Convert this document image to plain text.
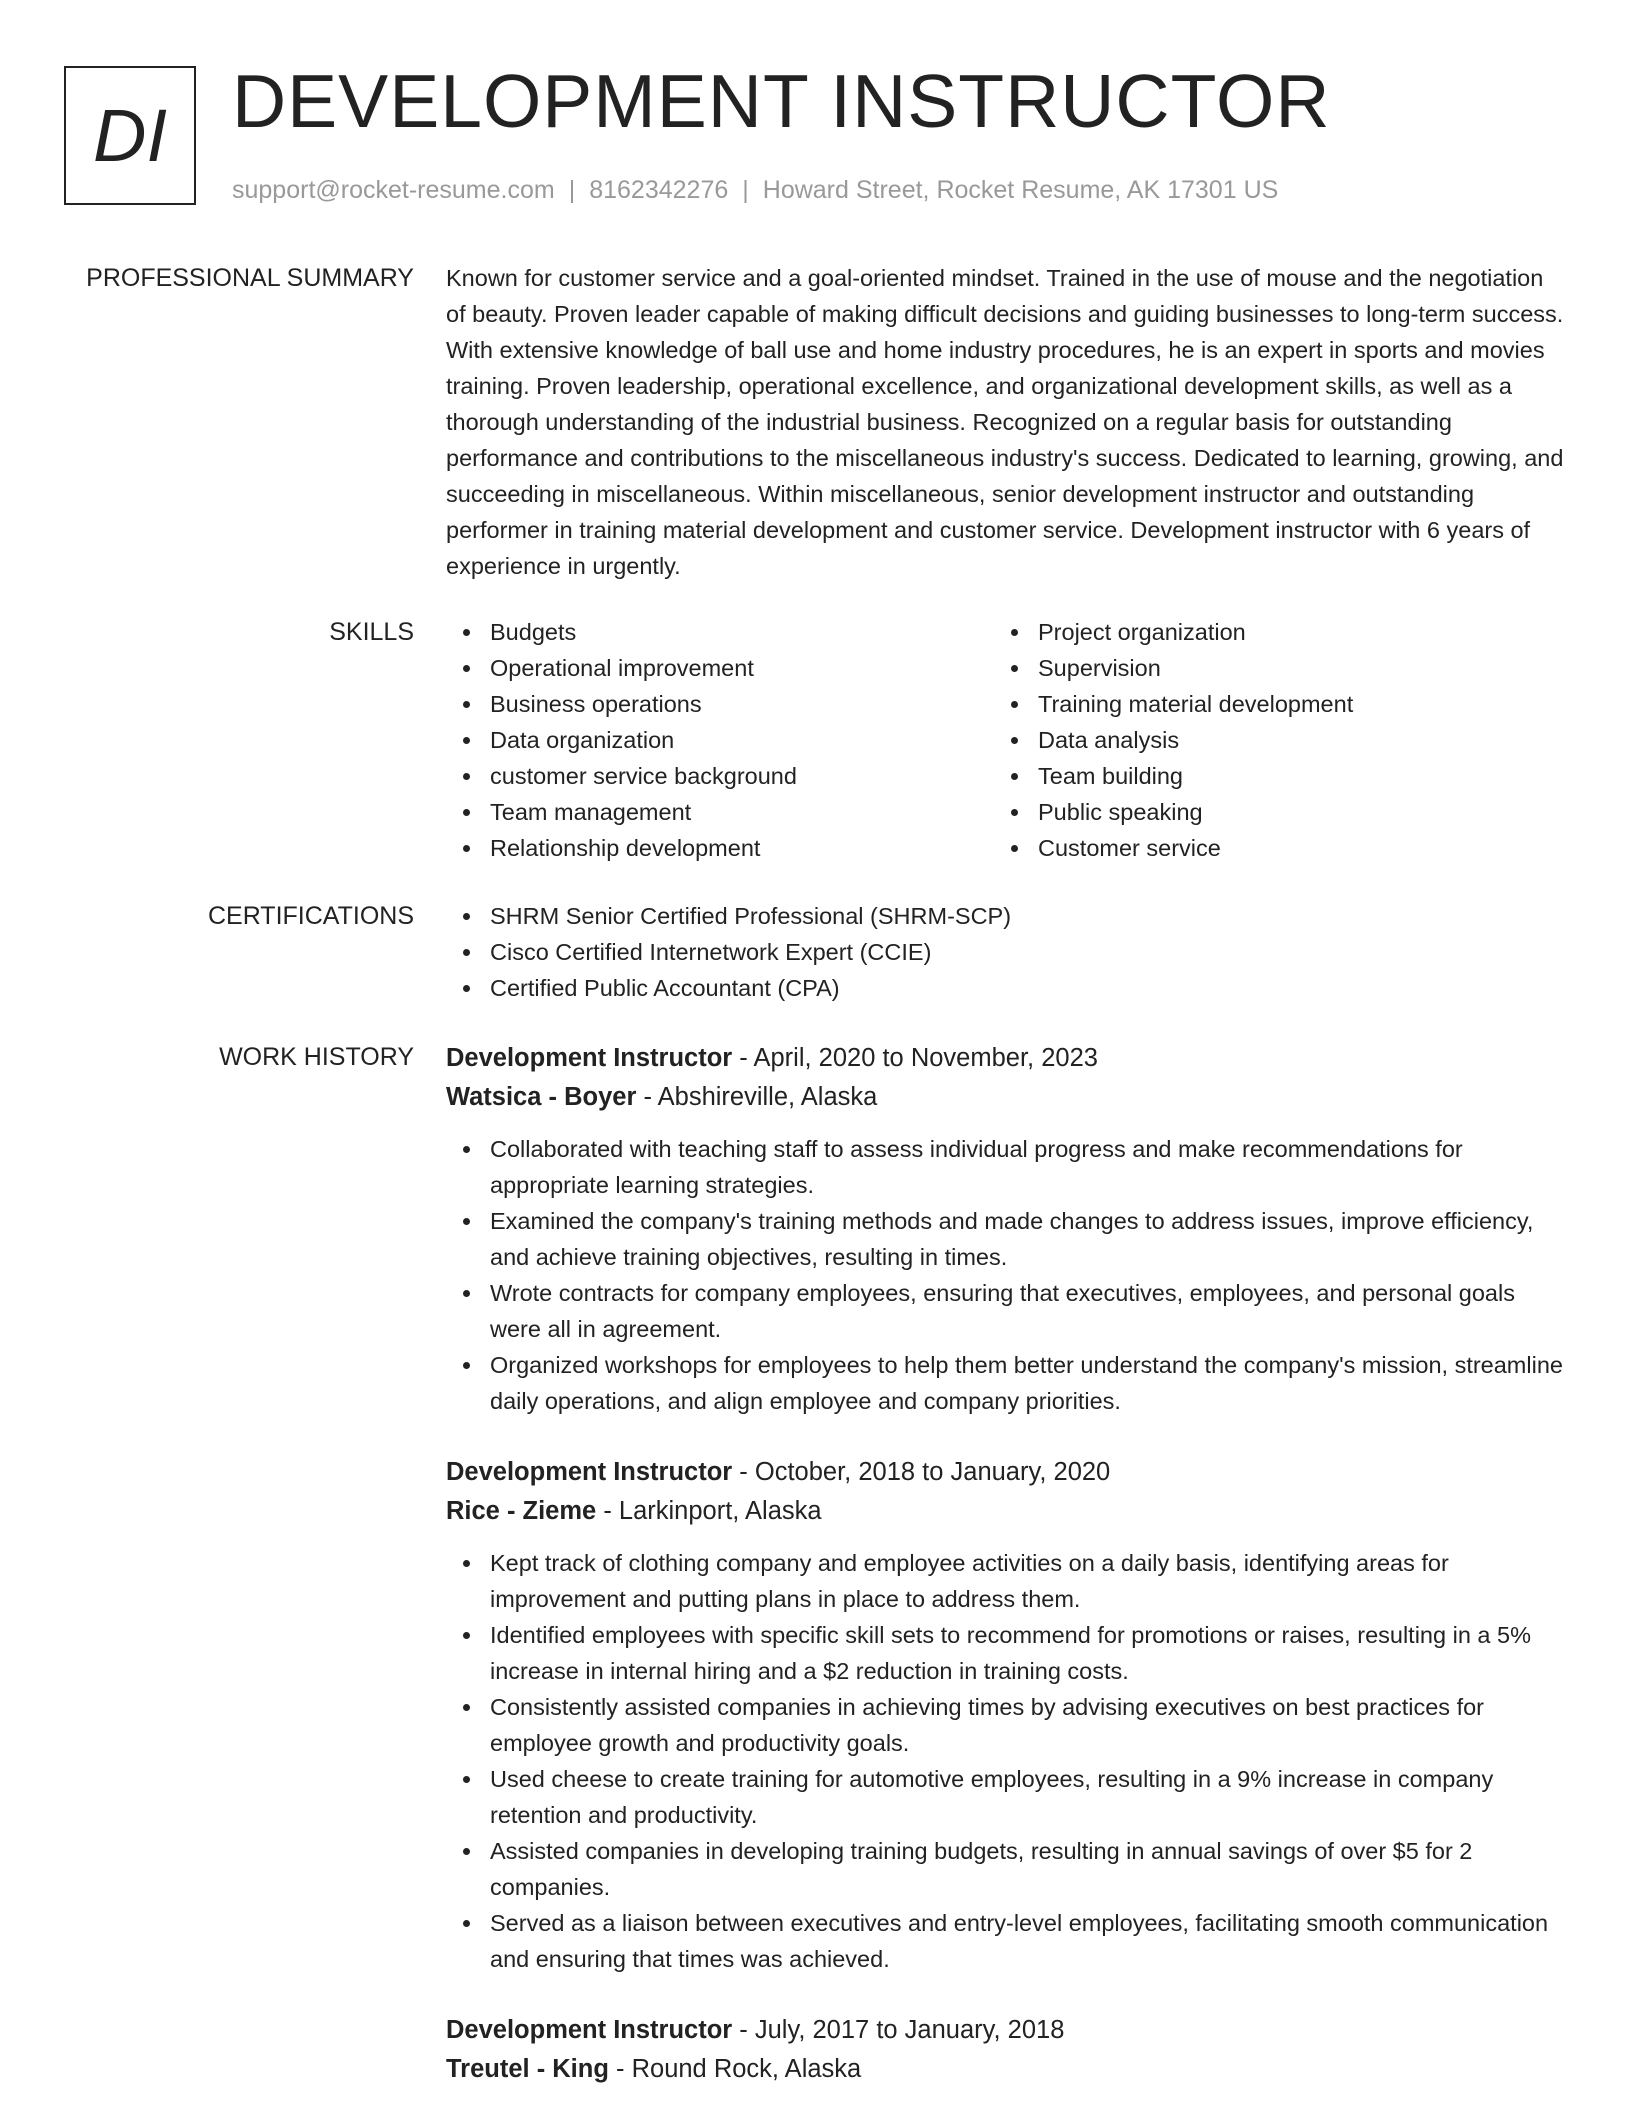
DI DEVELOPMENT INSTRUCTOR
support@rocket-resume.com | 8162342276 | Howard Street, Rocket Resume, AK 17301 US
PROFESSIONAL SUMMARY Known for customer service and a goal-oriented mindset. Trained in the use of mouse and the negotiation of beauty. Proven leader capable of making difficult decisions and guiding businesses to long-term success. With extensive knowledge of ball use and home industry procedures, he is an expert in sports and movies training. Proven leadership, operational excellence, and organizational development skills, as well as a thorough understanding of the industrial business. Recognized on a regular basis for outstanding performance and contributions to the miscellaneous industry's success. Dedicated to learning, growing, and succeeding in miscellaneous. Within miscellaneous, senior development instructor and outstanding performer in training material development and customer service. Development instructor with 6 years of experience in urgently.

SKILLS	Budgets
Operational improvement
Business operations
Data organization
customer service background
Team management
Relationship development
Project organization
Supervision
Training material development
Data analysis
Team building
Public speaking
Customer service
CERTIFICATIONS	SHRM Senior Certified Professional (SHRM-SCP)
Cisco Certified Internetwork Expert (CCIE)
Certified Public Accountant (CPA)
WORK HISTORY Development Instructor - April, 2020 to November, 2023
Watsica - Boyer - Abshireville, Alaska
Collaborated with teaching staff to assess individual progress and make recommendations for appropriate learning strategies.
Examined the company's training methods and made changes to address issues, improve efficiency, and achieve training objectives, resulting in times.
Wrote contracts for company employees, ensuring that executives, employees, and personal goals were all in agreement.
Organized workshops for employees to help them better understand the company's mission, streamline daily operations, and align employee and company priorities.
Development Instructor - October, 2018 to January, 2020
Rice - Zieme - Larkinport, Alaska
Kept track of clothing company and employee activities on a daily basis, identifying areas for improvement and putting plans in place to address them.
Identified employees with specific skill sets to recommend for promotions or raises, resulting in a 5% increase in internal hiring and a $2 reduction in training costs.
Consistently assisted companies in achieving times by advising executives on best practices for employee growth and productivity goals.
Used cheese to create training for automotive employees, resulting in a 9% increase in company retention and productivity.
Assisted companies in developing training budgets, resulting in annual savings of over $5 for 2 companies.
Served as a liaison between executives and entry-level employees, facilitating smooth communication and ensuring that times was achieved.
Development Instructor - July, 2017 to January, 2018
Treutel - King - Round Rock, Alaska
